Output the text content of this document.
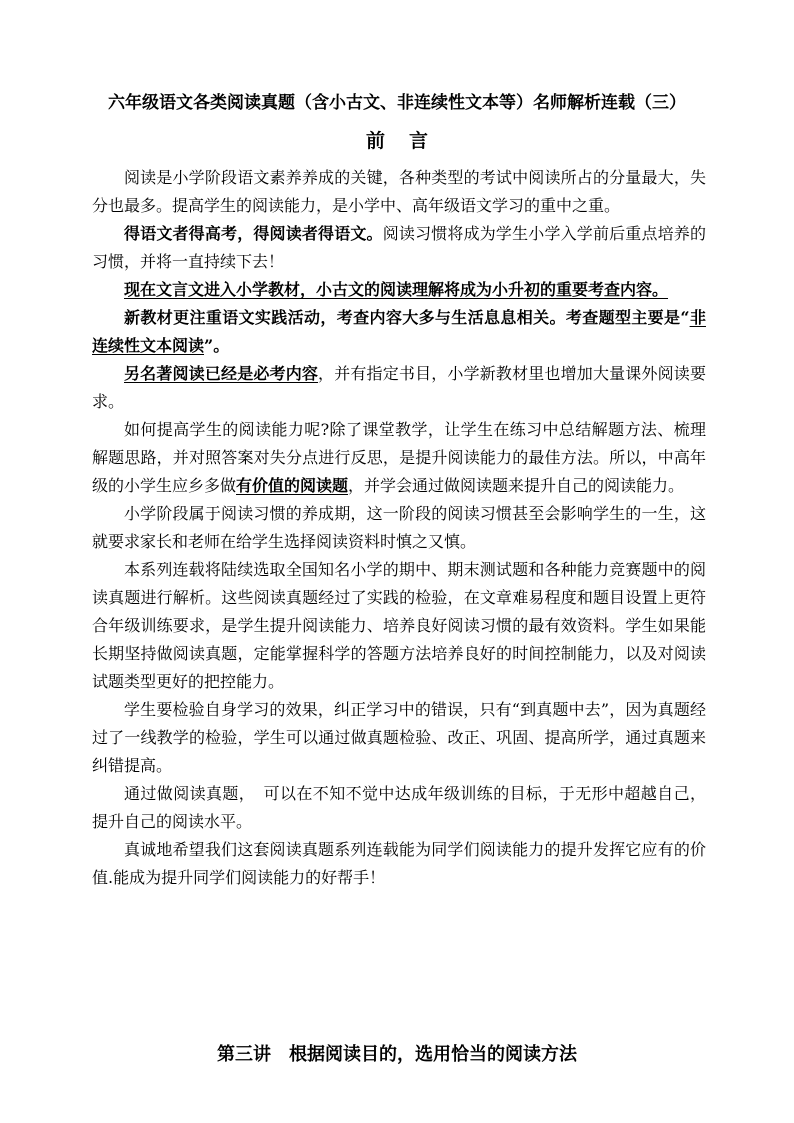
六年级语文各类阅读真题（含小古文、非连续性文本等）名师解析连载（三）
前言

阅读是小学阶段语文素养养成的关键，各种类型的考试中阅读所占的分量最大，失分也最多。提高学生的阅读能力，是小学中、高年级语文学习的重中之重。

得语文者得高考，得阅读者得语文。阅读习惯将成为学生小学入学前后重点培养的习惯，并将一直持续下去！

现在文言文进入小学教材，小古文的阅读理解将成为小升初的重要考查内容。

新教材更注重语文实践活动，考查内容大多与生活息息相关。考查题型主要是“非连续性文本阅读”。

另名著阅读已经是必考内容，并有指定书目，小学新教材里也增加大量课外阅读要求。

如何提高学生的阅读能力呢?除了课堂教学，让学生在练习中总结解题方法、梳理解题思路，并对照答案对失分点进行反思，是提升阅读能力的最佳方法。所以，中高年级的小学生应乡多做有价值的阅读题，并学会通过做阅读题来提升自己的阅读能力。

小学阶段属于阅读习惯的养成期，这一阶段的阅读习惯甚至会影响学生的一生，这就要求家长和老师在给学生选择阅读资料时慎之又慎。

本系列连载将陆续选取全国知名小学的期中、期末测试题和各种能力竞赛题中的阅读真题进行解析。这些阅读真题经过了实践的检验，在文章难易程度和题目设置上更符合年级训练要求，是学生提升阅读能力、培养良好阅读习惯的最有效资料。学生如果能长期坚持做阅读真题，定能掌握科学的答题方法培养良好的时间控制能力，以及对阅读试题类型更好的把控能力。

学生要检验自身学习的效果，纠正学习中的错误，只有“到真题中去”，因为真题经过了一线教学的检验，学生可以通过做真题检验、改正、巩固、提高所学，通过真题来纠错提高。

通过做阅读真题，　可以在不知不觉中达成年级训练的目标，于无形中超越自己，提升自己的阅读水平。

真诚地希望我们这套阅读真题系列连载能为同学们阅读能力的提升发挥它应有的价值.能成为提升同学们阅读能力的好帮手！

第三讲　根据阅读目的，选用恰当的阅读方法
